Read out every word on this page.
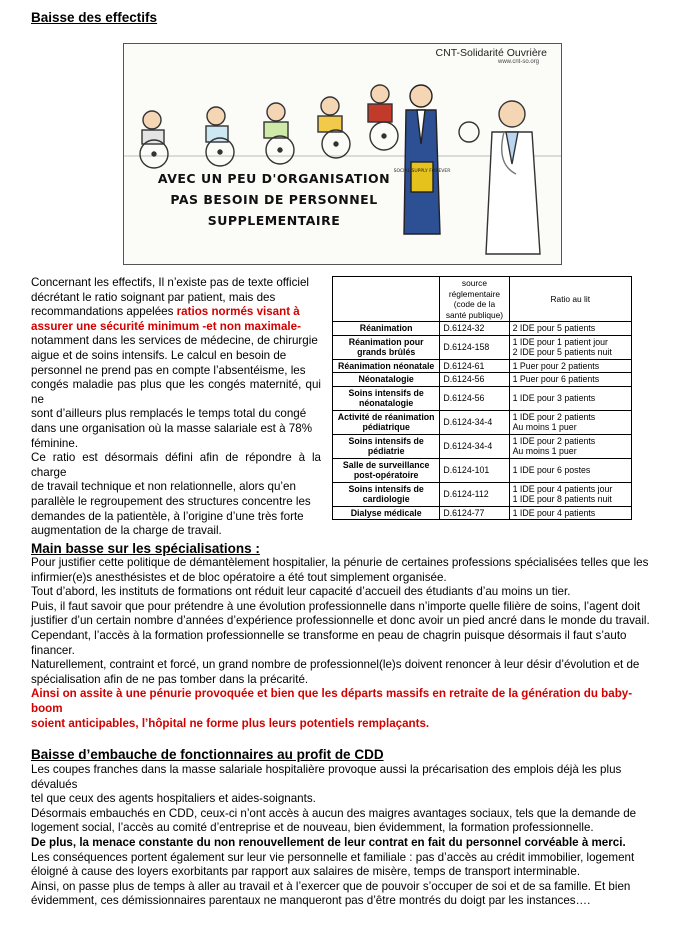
Baisse des effectifs
SOCIAL SUPPLY FOREVER
CNT-Solidarité Ouvrière
www.cnt-so.org
AVEC UN PEU D'ORGANISATION
PAS BESOIN DE PERSONNEL
SUPPLEMENTAIRE
Concernant les effectifs, Il n’existe pas de texte officiel
décrétant le ratio soignant par patient, mais des
recommandations appelées ratios normés visant à
assurer une sécurité minimum -et non maximale-
notamment dans les services de médecine, de chirurgie
aigue et de soins intensifs. Le calcul en besoin de
personnel ne prend pas en compte l’absentéisme, les
congés maladie pas plus que les congés maternité, qui ne
sont d’ailleurs plus remplacés le temps total du congé
dans une organisation où la masse salariale est à 78%
féminine.
Ce ratio est désormais défini afin de répondre à la charge
de travail technique et non relationnelle, alors qu’en
parallèle le regroupement des structures concentre les
demandes de la patientèle, à l’origine d’une très forte
augmentation de la charge de travail.

	source
réglementaire
(code de la
santé publique)	Ratio au lit

Réanimation	D.6124-32	2 IDE pour 5 patients

Réanimation pour
grands brûlés	D.6124-158	1 IDE pour 1 patient jour
2 IDE pour 5 patients nuit

Réanimation néonatale	D.6124-61	1 Puer pour 2 patients

Néonatalogie	D.6124-56	1 Puer pour 6 patients

Soins intensifs de
néonatalogie	D.6124-56	1 IDE pour 3 patients

Activité de réanimation
pédiatrique	D.6124-34-4	1 IDE pour 2 patients
Au moins 1 puer

Soins intensifs de
pédiatrie	D.6124-34-4	1 IDE pour 2 patients
Au moins 1 puer

Salle de surveillance
post-opératoire	D.6124-101	1 IDE pour 6 postes

Soins intensifs de
cardiologie	D.6124-112	1 IDE pour 4 patients jour
1 IDE pour 8 patients nuit

Dialyse médicale	D.6124-77	1 IDE pour 4 patients
Main basse sur les spécialisations :
Pour justifier cette politique de démantèlement hospitalier, la pénurie de certaines professions spécialisées telles que les
infirmier(e)s anesthésistes et de bloc opératoire a été tout simplement organisée.
Tout d’abord, les instituts de formations ont réduit leur capacité d’accueil des étudiants d’au moins un tier.
Puis, il faut savoir que pour prétendre à une évolution professionnelle dans n’importe quelle filière de soins, l’agent doit
justifier d’un certain nombre d’années d’expérience professionnelle et donc avoir un pied ancré dans le monde du travail.
Cependant, l’accès à la formation professionnelle se transforme en peau de chagrin puisque désormais il faut s’auto
financer.
Naturellement, contraint et forcé, un grand nombre de professionnel(le)s doivent renoncer à leur désir d’évolution et de
spécialisation afin de ne pas tomber dans la précarité.
Ainsi on assite à une pénurie provoquée et bien que les départs massifs en retraite de la génération du baby-boom
soient anticipables, l’hôpital ne forme plus leurs potentiels remplaçants.
Baisse d’embauche de fonctionnaires au profit de CDD
Les coupes franches dans la masse salariale hospitalière provoque aussi la précarisation des emplois déjà les plus dévalués
tel que ceux des agents hospitaliers et aides-soignants.
Désormais embauchés en CDD, ceux-ci n’ont accès à aucun des maigres avantages sociaux, tels que la demande de
logement social, l’accès au comité d’entreprise et de nouveau, bien évidemment, la formation professionnelle.
De plus, la menace constante du non renouvellement de leur contrat en fait du personnel corvéable à merci.
Les conséquences portent également sur leur vie personnelle et familiale : pas d’accès au crédit immobilier, logement
éloigné à cause des loyers exorbitants par rapport aux salaires de misère, temps de transport interminable.
Ainsi, on passe plus de temps à aller au travail et à l’exercer que de pouvoir s’occuper de soi et de sa famille. Et bien
évidemment, ces démissionnaires parentaux ne manqueront pas d’être montrés du doigt par les instances….
